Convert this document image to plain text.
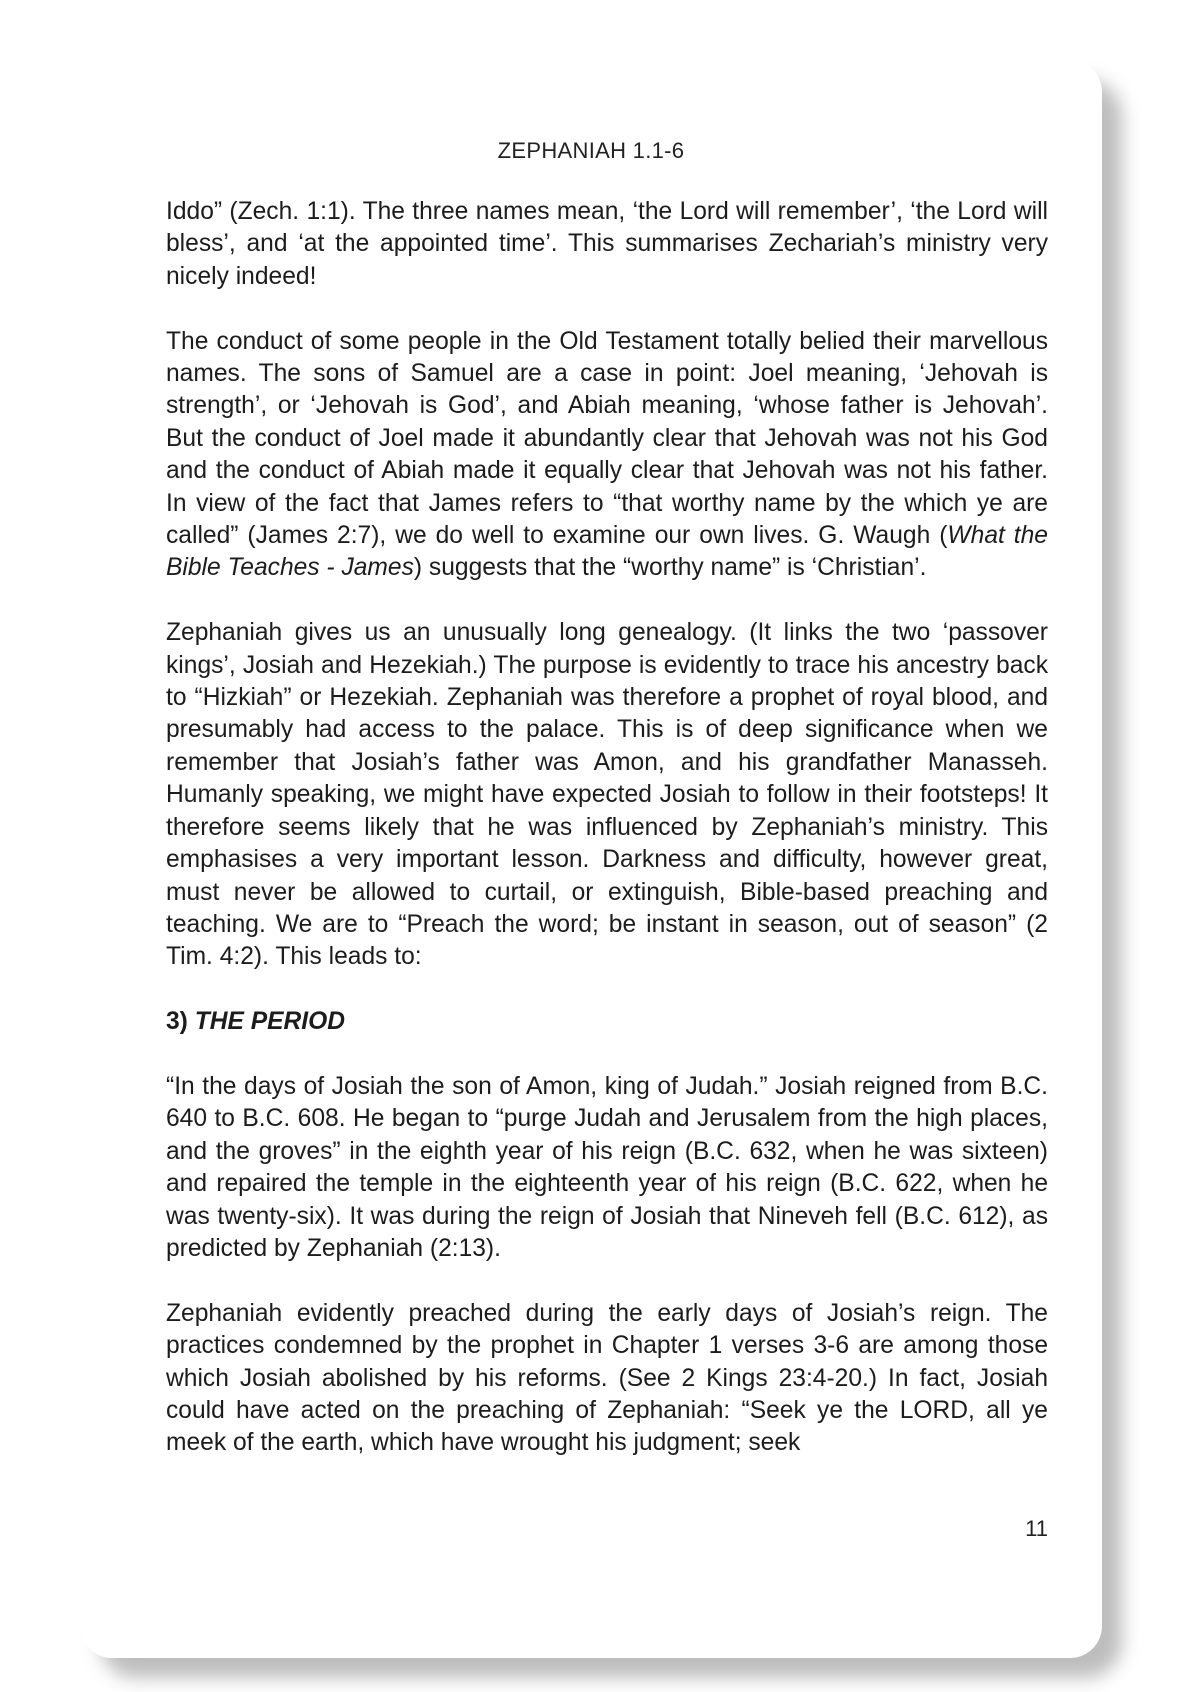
ZEPHANIAH 1.1-6

Iddo” (Zech. 1:1). The three names mean, ‘the Lord will remember’, ‘the Lord will bless’, and ‘at the appointed time’. This summarises Zechariah’s ministry very nicely indeed!

The conduct of some people in the Old Testament totally belied their marvellous names. The sons of Samuel are a case in point: Joel meaning, ‘Jehovah is strength’, or ‘Jehovah is God’, and Abiah meaning, ‘whose father is Jehovah’. But the conduct of Joel made it abundantly clear that Jehovah was not his God and the conduct of Abiah made it equally clear that Jehovah was not his father. In view of the fact that James refers to “that worthy name by the which ye are called” (James 2:7), we do well to examine our own lives. G. Waugh (What the Bible Teaches - James) suggests that the “worthy name” is ‘Christian’.

Zephaniah gives us an unusually long genealogy. (It links the two ‘passover kings’, Josiah and Hezekiah.) The purpose is evidently to trace his ancestry back to “Hizkiah” or Hezekiah. Zephaniah was therefore a prophet of royal blood, and presumably had access to the palace. This is of deep significance when we remember that Josiah’s father was Amon, and his grandfather Manasseh. Humanly speaking, we might have expected Josiah to follow in their footsteps! It therefore seems likely that he was influenced by Zephaniah’s ministry. This emphasises a very important lesson. Darkness and difficulty, however great, must never be allowed to curtail, or extinguish, Bible-based preaching and teaching. We are to “Preach the word; be instant in season, out of season” (2 Tim. 4:2). This leads to:

3) THE PERIOD

“In the days of Josiah the son of Amon, king of Judah.” Josiah reigned from B.C. 640 to B.C. 608. He began to “purge Judah and Jerusalem from the high places, and the groves” in the eighth year of his reign (B.C. 632, when he was sixteen) and repaired the temple in the eighteenth year of his reign (B.C. 622, when he was twenty-six). It was during the reign of Josiah that Nineveh fell (B.C. 612), as predicted by Zephaniah (2:13).

Zephaniah evidently preached during the early days of Josiah’s reign. The practices condemned by the prophet in Chapter 1 verses 3-6 are among those which Josiah abolished by his reforms. (See 2 Kings 23:4-20.) In fact, Josiah could have acted on the preaching of Zephaniah: “Seek ye the LORD, all ye meek of the earth, which have wrought his judgment; seek

11
